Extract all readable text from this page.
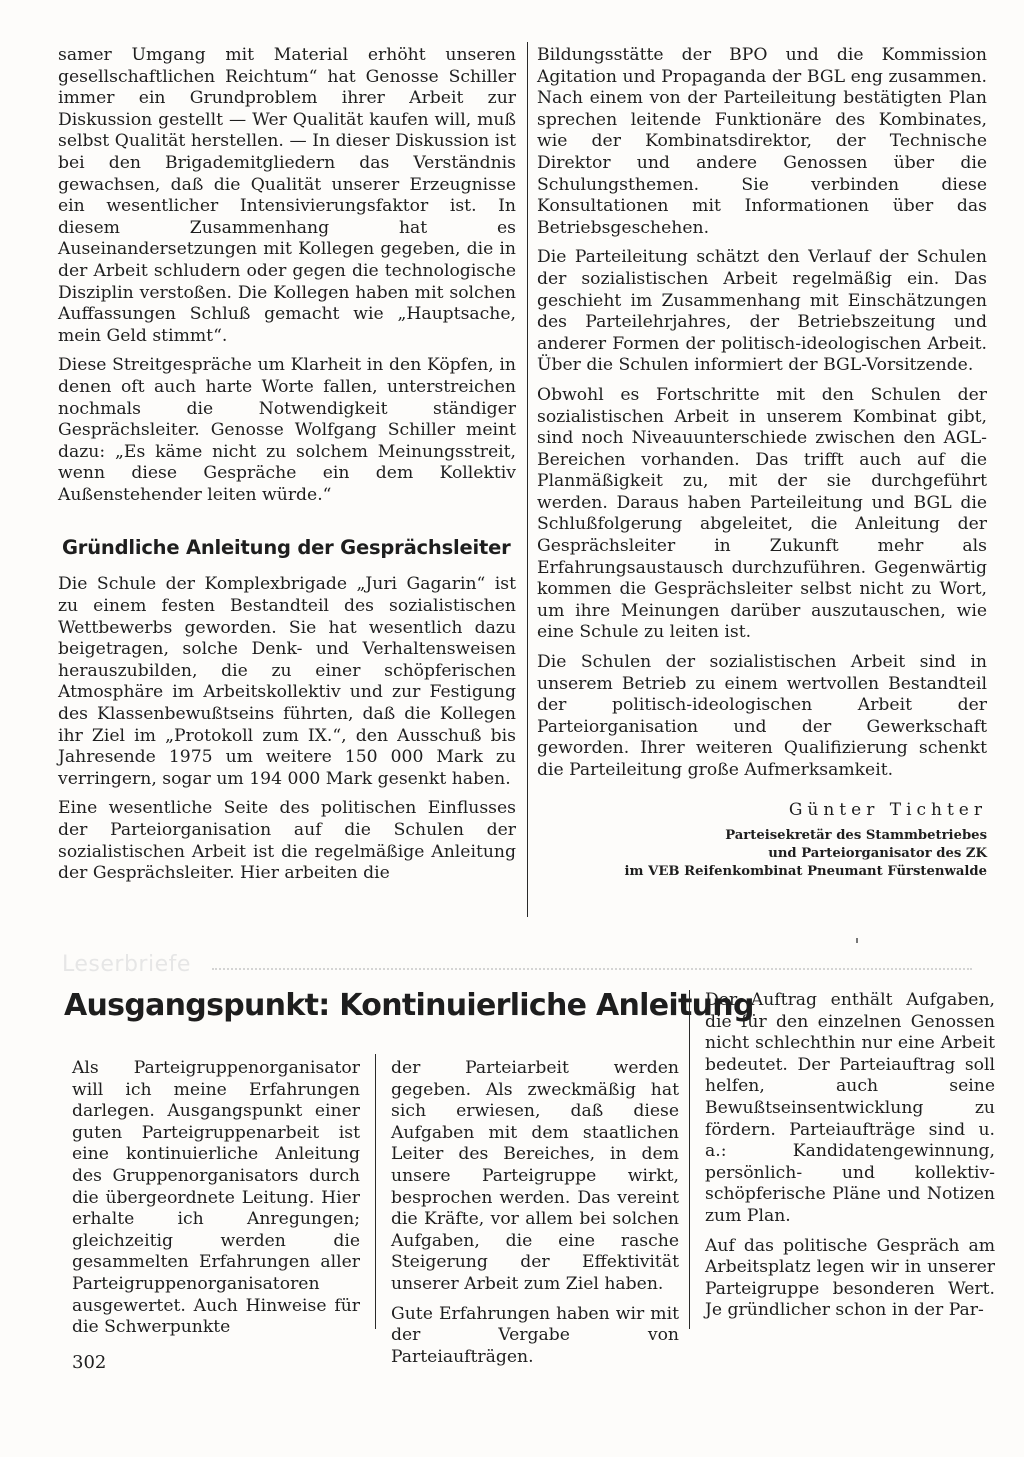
samer Umgang mit Material erhöht unseren gesellschaftlichen Reichtum“ hat Genosse Schiller immer ein Grundproblem ihrer Arbeit zur Diskussion gestellt — Wer Qualität kaufen will, muß selbst Qualität herstellen. — In dieser Diskussion ist bei den Brigademitgliedern das Verständnis gewachsen, daß die Qualität unserer Erzeugnisse ein wesentlicher Intensivierungsfaktor ist. In diesem Zusammenhang hat es Auseinandersetzungen mit Kollegen gegeben, die in der Arbeit schludern oder gegen die technologische Disziplin verstoßen. Die Kollegen haben mit solchen Auffassungen Schluß gemacht wie „Hauptsache, mein Geld stimmt“.

Diese Streitgespräche um Klarheit in den Köpfen, in denen oft auch harte Worte fallen, unterstreichen nochmals die Notwendigkeit ständiger Gesprächsleiter. Genosse Wolfgang Schiller meint dazu: „Es käme nicht zu solchem Meinungsstreit, wenn diese Gespräche ein dem Kollektiv Außenstehender leiten würde.“

Gründliche Anleitung der Gesprächsleiter

Die Schule der Komplexbrigade „Juri Gagarin“ ist zu einem festen Bestandteil des sozialistischen Wettbewerbs geworden. Sie hat wesentlich dazu beigetragen, solche Denk- und Verhaltensweisen herauszubilden, die zu einer schöpferischen Atmosphäre im Arbeitskollektiv und zur Festigung des Klassenbewußtseins führten, daß die Kollegen ihr Ziel im „Protokoll zum IX.“, den Ausschuß bis Jahresende 1975 um weitere 150 000 Mark zu verringern, sogar um 194 000 Mark gesenkt haben.

Eine wesentliche Seite des politischen Einflusses der Parteiorganisation auf die Schulen der sozialistischen Arbeit ist die regelmäßige Anleitung der Gesprächsleiter. Hier arbeiten die

Bildungsstätte der BPO und die Kommission Agitation und Propaganda der BGL eng zusammen. Nach einem von der Parteileitung bestätigten Plan sprechen leitende Funktionäre des Kombinates, wie der Kombinatsdirektor, der Technische Direktor und andere Genossen über die Schulungsthemen. Sie verbinden diese Konsultationen mit Informationen über das Betriebsgeschehen.

Die Parteileitung schätzt den Verlauf der Schulen der sozialistischen Arbeit regelmäßig ein. Das geschieht im Zusammenhang mit Einschätzungen des Parteilehrjahres, der Betriebszeitung und anderer Formen der politisch-ideologischen Arbeit. Über die Schulen informiert der BGL-Vorsitzende.

Obwohl es Fortschritte mit den Schulen der sozialistischen Arbeit in unserem Kombinat gibt, sind noch Niveauunterschiede zwischen den AGL-Bereichen vorhanden. Das trifft auch auf die Planmäßigkeit zu, mit der sie durchgeführt werden. Daraus haben Parteileitung und BGL die Schlußfolgerung abgeleitet, die Anleitung der Gesprächsleiter in Zukunft mehr als Erfahrungsaustausch durchzuführen. Gegenwärtig kommen die Gesprächsleiter selbst nicht zu Wort, um ihre Meinungen darüber auszutauschen, wie eine Schule zu leiten ist.

Die Schulen der sozialistischen Arbeit sind in unserem Betrieb zu einem wertvollen Bestandteil der politisch-ideologischen Arbeit der Parteiorganisation und der Gewerkschaft geworden. Ihrer weiteren Qualifizierung schenkt die Parteileitung große Aufmerksamkeit.

Günter Tichter
Parteisekretär des Stammbetriebes
und Parteiorganisator des ZK
im VEB Reifenkombinat Pneumant Fürstenwalde
Leserbriefe
Ausgangspunkt: Kontinuierliche Anleitung

Als Parteigruppenorganisator will ich meine Erfahrungen darlegen. Ausgangspunkt einer guten Parteigruppenarbeit ist eine kontinuierliche Anleitung des Gruppenorganisators durch die übergeordnete Leitung. Hier erhalte ich Anregungen; gleichzeitig werden die gesammelten Erfahrungen aller Parteigruppenorganisatoren ausgewertet. Auch Hinweise für die Schwerpunkte

der Parteiarbeit werden gegeben. Als zweckmäßig hat sich erwiesen, daß diese Aufgaben mit dem staatlichen Leiter des Bereiches, in dem unsere Parteigruppe wirkt, besprochen werden. Das vereint die Kräfte, vor allem bei solchen Aufgaben, die eine rasche Steigerung der Effektivität unserer Arbeit zum Ziel haben.

Gute Erfahrungen haben wir mit der Vergabe von Parteiaufträgen.

Der Auftrag enthält Aufgaben, die für den einzelnen Genossen nicht schlechthin nur eine Arbeit bedeutet. Der Parteiauftrag soll helfen, auch seine Bewußtseinsentwicklung zu fördern. Parteiaufträge sind u. a.: Kandidatengewinnung, persönlich- und kollektiv-schöpferische Pläne und Notizen zum Plan.

Auf das politische Gespräch am Arbeitsplatz legen wir in unserer Parteigruppe besonderen Wert. Je gründlicher schon in der Par-

302
